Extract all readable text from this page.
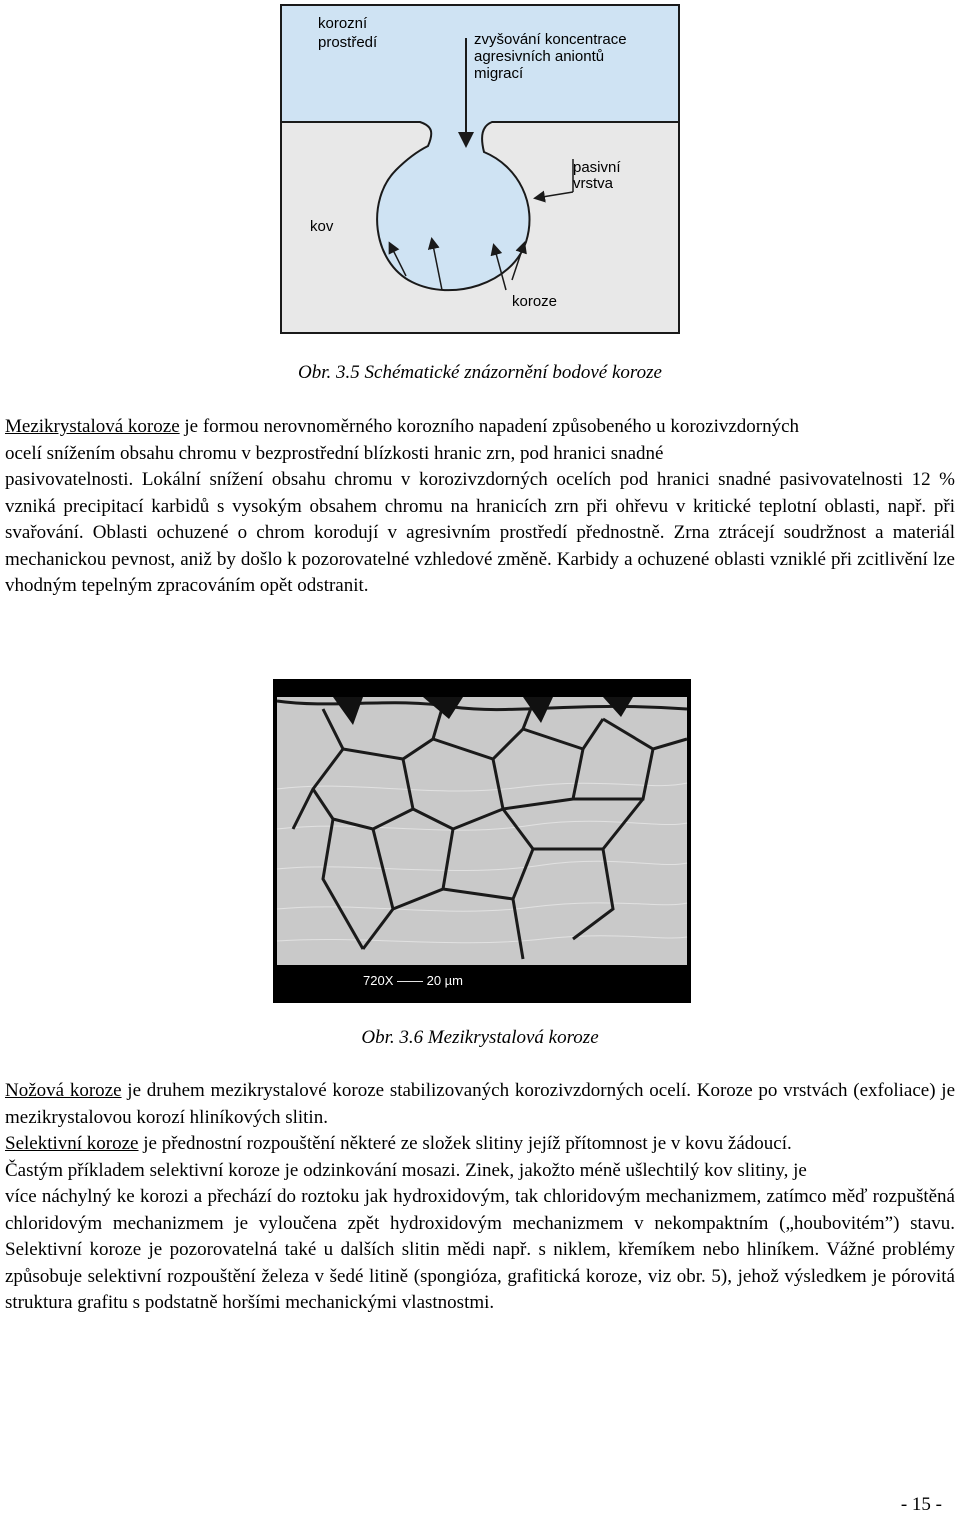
korozní
prostředí	zvyšování koncentrace
agresivních aniontů
migrací
pasivní
vrstva
kov
koroze
Obr. 3.5 Schématické znázornění bodové koroze

Mezikrystalová koroze je formou nerovnoměrného korozního napadení způsobeného u korozivzdorných

ocelí snížením obsahu chromu v bezprostřední blízkosti hranic zrn, pod hranici snadné

pasivovatelnosti. Lokální snížení obsahu chromu v korozivzdorných ocelích pod hranici snadné pasivovatelnosti 12 % vzniká precipitací karbidů s vysokým obsahem chromu na hranicích zrn při ohřevu v kritické teplotní oblasti, např. při svařování. Oblasti ochuzené o chrom korodují v agresivním prostředí přednostně. Zrna ztrácejí soudržnost a materiál mechanickou pevnost, aniž by došlo k pozorovatelné vzhledové změně. Karbidy a ochuzené oblasti vzniklé při zcitlivění lze vhodným tepelným zpracováním opět odstranit.

720X —— 20 µm
Obr. 3.6 Mezikrystalová koroze

Nožová koroze je druhem mezikrystalové koroze stabilizovaných korozivzdorných ocelí. Koroze po vrstvách (exfoliace) je mezikrystalovou korozí hliníkových slitin.

Selektivní koroze je přednostní rozpouštění některé ze složek slitiny jejíž přítomnost je v kovu žádoucí.

Častým příkladem selektivní koroze je odzinkování mosazi. Zinek, jakožto méně ušlechtilý kov slitiny, je

více náchylný ke korozi a přechází do roztoku jak hydroxidovým, tak chloridovým mechanizmem, zatímco měď rozpuštěná chloridovým mechanizmem je vyloučena zpět hydroxidovým mechanizmem v nekompaktním („houbovitém”) stavu. Selektivní koroze je pozorovatelná také u dalších slitin mědi např. s niklem, křemíkem nebo hliníkem. Vážné problémy způsobuje selektivní rozpouštění železa v šedé litině (spongióza, grafitická koroze, viz obr. 5), jehož výsledkem je pórovitá struktura grafitu s podstatně horšími mechanickými vlastnostmi.

- 15 -
